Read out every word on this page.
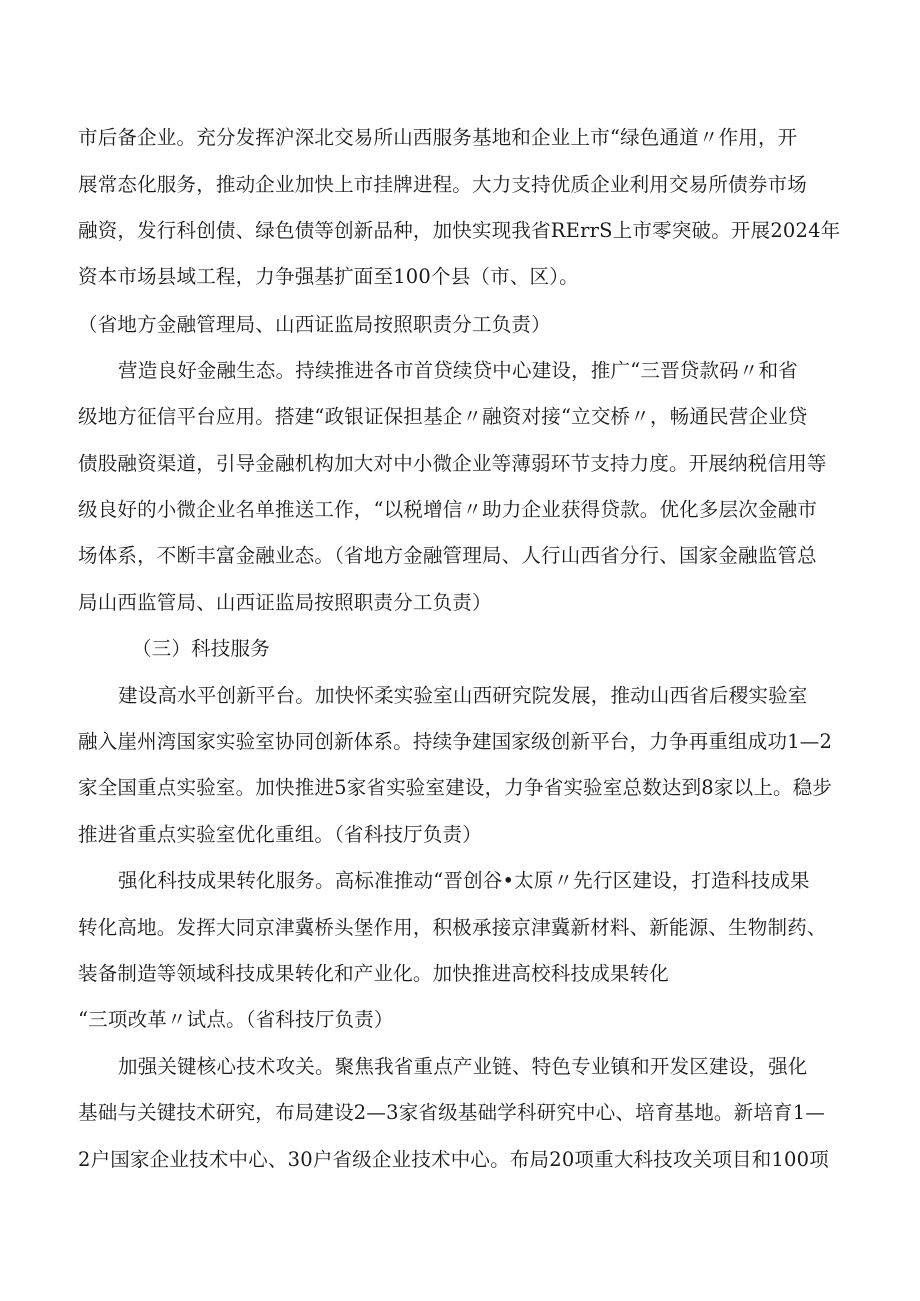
市后备企业。充分发挥沪深北交易所山西服务基地和企业上市“绿色通道〃作用，开
展常态化服务，推动企业加快上市挂牌进程。大力支持优质企业利用交易所债券市场
融资，发行科创债、绿色债等创新品种，加快实现我省RErrS上市零突破。开展2024年
资本市场县域工程，力争强基扩面至100个县（市、区）。
（省地方金融管理局、山西证监局按照职责分工负责）
营造良好金融生态。持续推进各市首贷续贷中心建设，推广“三晋贷款码〃和省
级地方征信平台应用。搭建“政银证保担基企〃融资对接“立交桥〃，畅通民营企业贷
债股融资渠道，引导金融机构加大对中小微企业等薄弱环节支持力度。开展纳税信用等
级良好的小微企业名单推送工作，“以税增信〃助力企业获得贷款。优化多层次金融市
场体系，不断丰富金融业态。（省地方金融管理局、人行山西省分行、国家金融监管总
局山西监管局、山西证监局按照职责分工负责）
（三）科技服务
建设高水平创新平台。加快怀柔实验室山西研究院发展，推动山西省后稷实验室
融入崖州湾国家实验室协同创新体系。持续争建国家级创新平台，力争再重组成功1—2
家全国重点实验室。加快推进5家省实验室建设，力争省实验室总数达到8家以上。稳步
推进省重点实验室优化重组。（省科技厅负责）
强化科技成果转化服务。高标准推动“晋创谷•太原〃先行区建设，打造科技成果
转化高地。发挥大同京津冀桥头堡作用，积极承接京津冀新材料、新能源、生物制药、
装备制造等领域科技成果转化和产业化。加快推进高校科技成果转化
“三项改革〃试点。（省科技厅负责）
加强关键核心技术攻关。聚焦我省重点产业链、特色专业镇和开发区建设，强化
基础与关键技术研究，布局建设2—3家省级基础学科研究中心、培育基地。新培育1—
2户国家企业技术中心、30户省级企业技术中心。布局20项重大科技攻关项目和100项
